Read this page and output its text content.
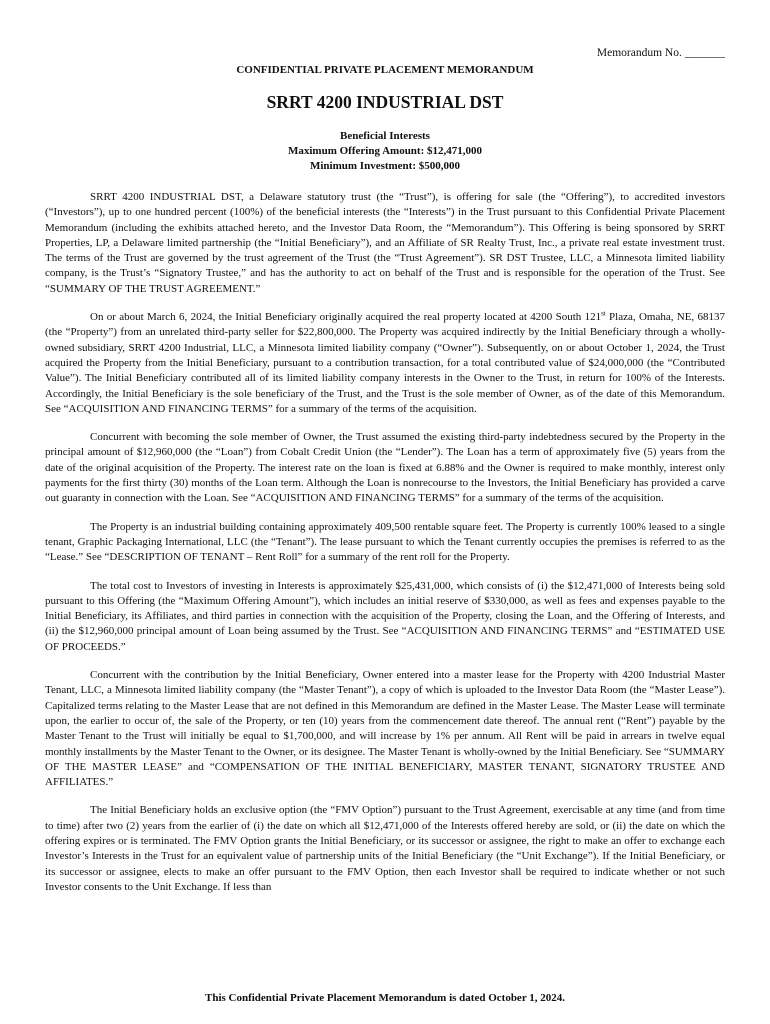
Memorandum No. _______
CONFIDENTIAL PRIVATE PLACEMENT MEMORANDUM
SRRT 4200 INDUSTRIAL DST
Beneficial Interests
Maximum Offering Amount: $12,471,000
Minimum Investment: $500,000

SRRT 4200 INDUSTRIAL DST, a Delaware statutory trust (the “Trust”), is offering for sale (the “Offering”), to accredited investors (“Investors”), up to one hundred percent (100%) of the beneficial interests (the “Interests”) in the Trust pursuant to this Confidential Private Placement Memorandum (including the exhibits attached hereto, and the Investor Data Room, the “Memorandum”). This Offering is being sponsored by SRRT Properties, LP, a Delaware limited partnership (the “Initial Beneficiary”), and an Affiliate of SR Realty Trust, Inc., a private real estate investment trust. The terms of the Trust are governed by the trust agreement of the Trust (the “Trust Agreement”). SR DST Trustee, LLC, a Minnesota limited liability company, is the Trust’s “Signatory Trustee,” and has the authority to act on behalf of the Trust and is responsible for the operation of the Trust. See “SUMMARY OF THE TRUST AGREEMENT.”

On or about March 6, 2024, the Initial Beneficiary originally acquired the real property located at 4200 South 121st Plaza, Omaha, NE, 68137 (the “Property”) from an unrelated third-party seller for $22,800,000. The Property was acquired indirectly by the Initial Beneficiary through a wholly-owned subsidiary, SRRT 4200 Industrial, LLC, a Minnesota limited liability company (“Owner”). Subsequently, on or about October 1, 2024, the Trust acquired the Property from the Initial Beneficiary, pursuant to a contribution transaction, for a total contributed value of $24,000,000 (the “Contributed Value”). The Initial Beneficiary contributed all of its limited liability company interests in the Owner to the Trust, in return for 100% of the Interests. Accordingly, the Initial Beneficiary is the sole beneficiary of the Trust, and the Trust is the sole member of Owner, as of the date of this Memorandum. See “ACQUISITION AND FINANCING TERMS” for a summary of the terms of the acquisition.

Concurrent with becoming the sole member of Owner, the Trust assumed the existing third-party indebtedness secured by the Property in the principal amount of $12,960,000 (the “Loan”) from Cobalt Credit Union (the “Lender”). The Loan has a term of approximately five (5) years from the date of the original acquisition of the Property. The interest rate on the loan is fixed at 6.88% and the Owner is required to make monthly, interest only payments for the first thirty (30) months of the Loan term. Although the Loan is nonrecourse to the Investors, the Initial Beneficiary has provided a carve out guaranty in connection with the Loan. See “ACQUISITION AND FINANCING TERMS” for a summary of the terms of the acquisition.

The Property is an industrial building containing approximately 409,500 rentable square feet. The Property is currently 100% leased to a single tenant, Graphic Packaging International, LLC (the “Tenant”). The lease pursuant to which the Tenant currently occupies the premises is referred to as the “Lease.” See “DESCRIPTION OF TENANT – Rent Roll” for a summary of the rent roll for the Property.

The total cost to Investors of investing in Interests is approximately $25,431,000, which consists of (i) the $12,471,000 of Interests being sold pursuant to this Offering (the “Maximum Offering Amount”), which includes an initial reserve of $330,000, as well as fees and expenses payable to the Initial Beneficiary, its Affiliates, and third parties in connection with the acquisition of the Property, closing the Loan, and the Offering of Interests, and (ii) the $12,960,000 principal amount of Loan being assumed by the Trust. See “ACQUISITION AND FINANCING TERMS” and “ESTIMATED USE OF PROCEEDS.”

Concurrent with the contribution by the Initial Beneficiary, Owner entered into a master lease for the Property with 4200 Industrial Master Tenant, LLC, a Minnesota limited liability company (the “Master Tenant”), a copy of which is uploaded to the Investor Data Room (the “Master Lease”). Capitalized terms relating to the Master Lease that are not defined in this Memorandum are defined in the Master Lease. The Master Lease will terminate upon, the earlier to occur of, the sale of the Property, or ten (10) years from the commencement date thereof. The annual rent (“Rent”) payable by the Master Tenant to the Trust will initially be equal to $1,700,000, and will increase by 1% per annum. All Rent will be paid in arrears in twelve equal monthly installments by the Master Tenant to the Owner, or its designee. The Master Tenant is wholly-owned by the Initial Beneficiary. See “SUMMARY OF THE MASTER LEASE” and “COMPENSATION OF THE INITIAL BENEFICIARY, MASTER TENANT, SIGNATORY TRUSTEE AND AFFILIATES.”

The Initial Beneficiary holds an exclusive option (the “FMV Option”) pursuant to the Trust Agreement, exercisable at any time (and from time to time) after two (2) years from the earlier of (i) the date on which all $12,471,000 of the Interests offered hereby are sold, or (ii) the date on which the offering expires or is terminated. The FMV Option grants the Initial Beneficiary, or its successor or assignee, the right to make an offer to exchange each Investor’s Interests in the Trust for an equivalent value of partnership units of the Initial Beneficiary (the “Unit Exchange”). If the Initial Beneficiary, or its successor or assignee, elects to make an offer pursuant to the FMV Option, then each Investor shall be required to indicate whether or not such Investor consents to the Unit Exchange. If less than

This Confidential Private Placement Memorandum is dated October 1, 2024.
